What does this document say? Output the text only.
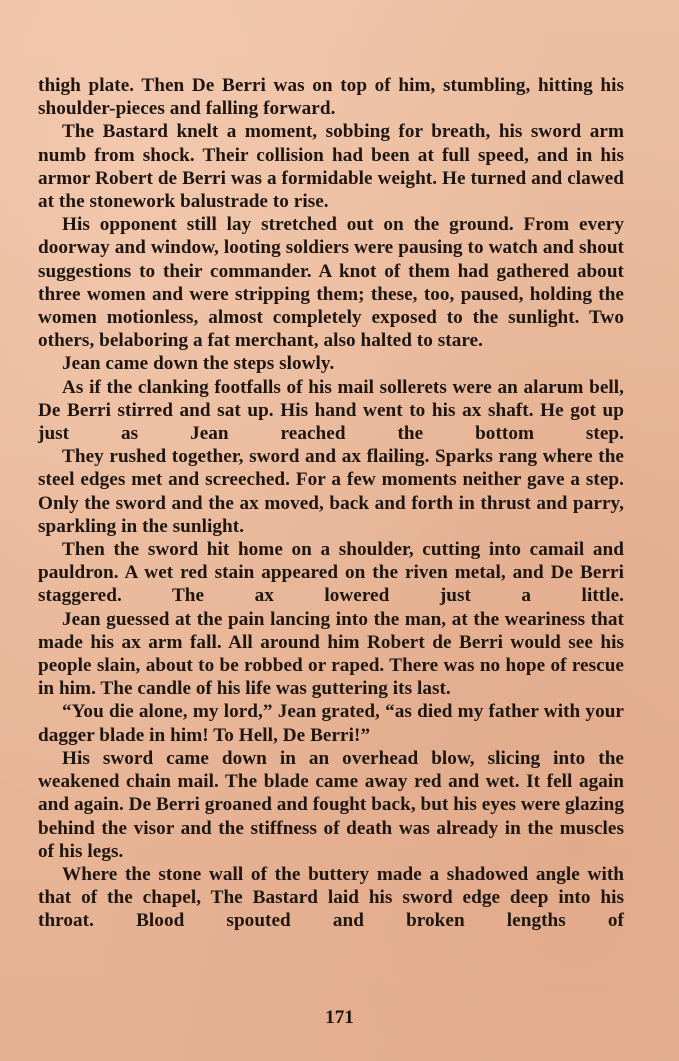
thigh plate. Then De Berri was on top of him, stumbling, hitting his shoulder-pieces and falling forward.

The Bastard knelt a moment, sobbing for breath, his sword arm numb from shock. Their collision had been at full speed, and in his armor Robert de Berri was a formidable weight. He turned and clawed at the stonework balustrade to rise.

His opponent still lay stretched out on the ground. From every doorway and window, looting soldiers were pausing to watch and shout suggestions to their commander. A knot of them had gathered about three women and were stripping them; these, too, paused, holding the women motionless, almost completely exposed to the sunlight. Two others, belaboring a fat merchant, also halted to stare.

Jean came down the steps slowly.

As if the clanking footfalls of his mail sollerets were an alarum bell, De Berri stirred and sat up. His hand went to his ax shaft. He got up just as Jean reached the bottom step.

They rushed together, sword and ax flailing. Sparks rang where the steel edges met and screeched. For a few moments neither gave a step. Only the sword and the ax moved, back and forth in thrust and parry, sparkling in the sunlight.

Then the sword hit home on a shoulder, cutting into camail and pauldron. A wet red stain appeared on the riven metal, and De Berri staggered. The ax lowered just a little.

Jean guessed at the pain lancing into the man, at the weariness that made his ax arm fall. All around him Robert de Berri would see his people slain, about to be robbed or raped. There was no hope of rescue in him. The candle of his life was guttering its last.

“You die alone, my lord,” Jean grated, “as died my father with your dagger blade in him! To Hell, De Berri!”

His sword came down in an overhead blow, slicing into the weakened chain mail. The blade came away red and wet. It fell again and again. De Berri groaned and fought back, but his eyes were glazing behind the visor and the stiffness of death was already in the muscles of his legs.

Where the stone wall of the buttery made a shadowed angle with that of the chapel, The Bastard laid his sword edge deep into his throat. Blood spouted and broken lengths of

171
